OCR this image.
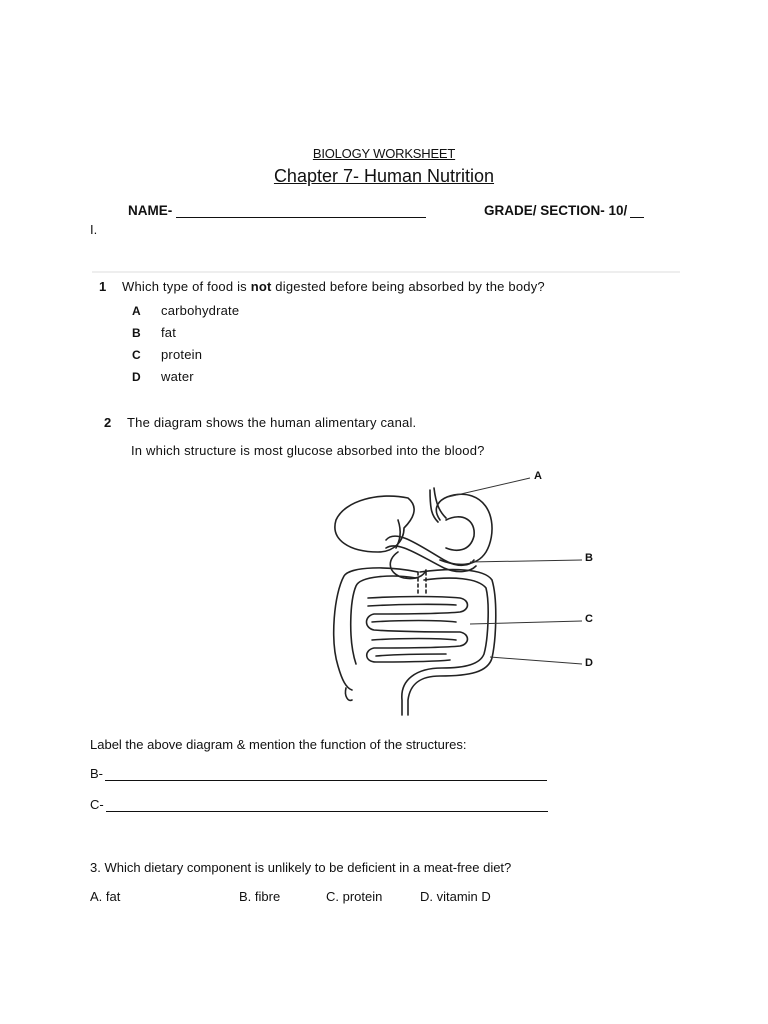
BIOLOGY WORKSHEET
Chapter 7- Human Nutrition
NAME-	GRADE/ SECTION- 10/
I.
1 Which type of food is not digested before being absorbed by the body?
A carbohydrate
B fat
C protein
D water
2 The diagram shows the human alimentary canal.
In which structure is most glucose absorbed into the blood?
A
B
C
D
Label the above diagram & mention the function of the structures:
B-
C-
3. Which dietary component is unlikely to be deficient in a meat-free diet?
A. fat	B. fibre	C. protein	D. vitamin D
